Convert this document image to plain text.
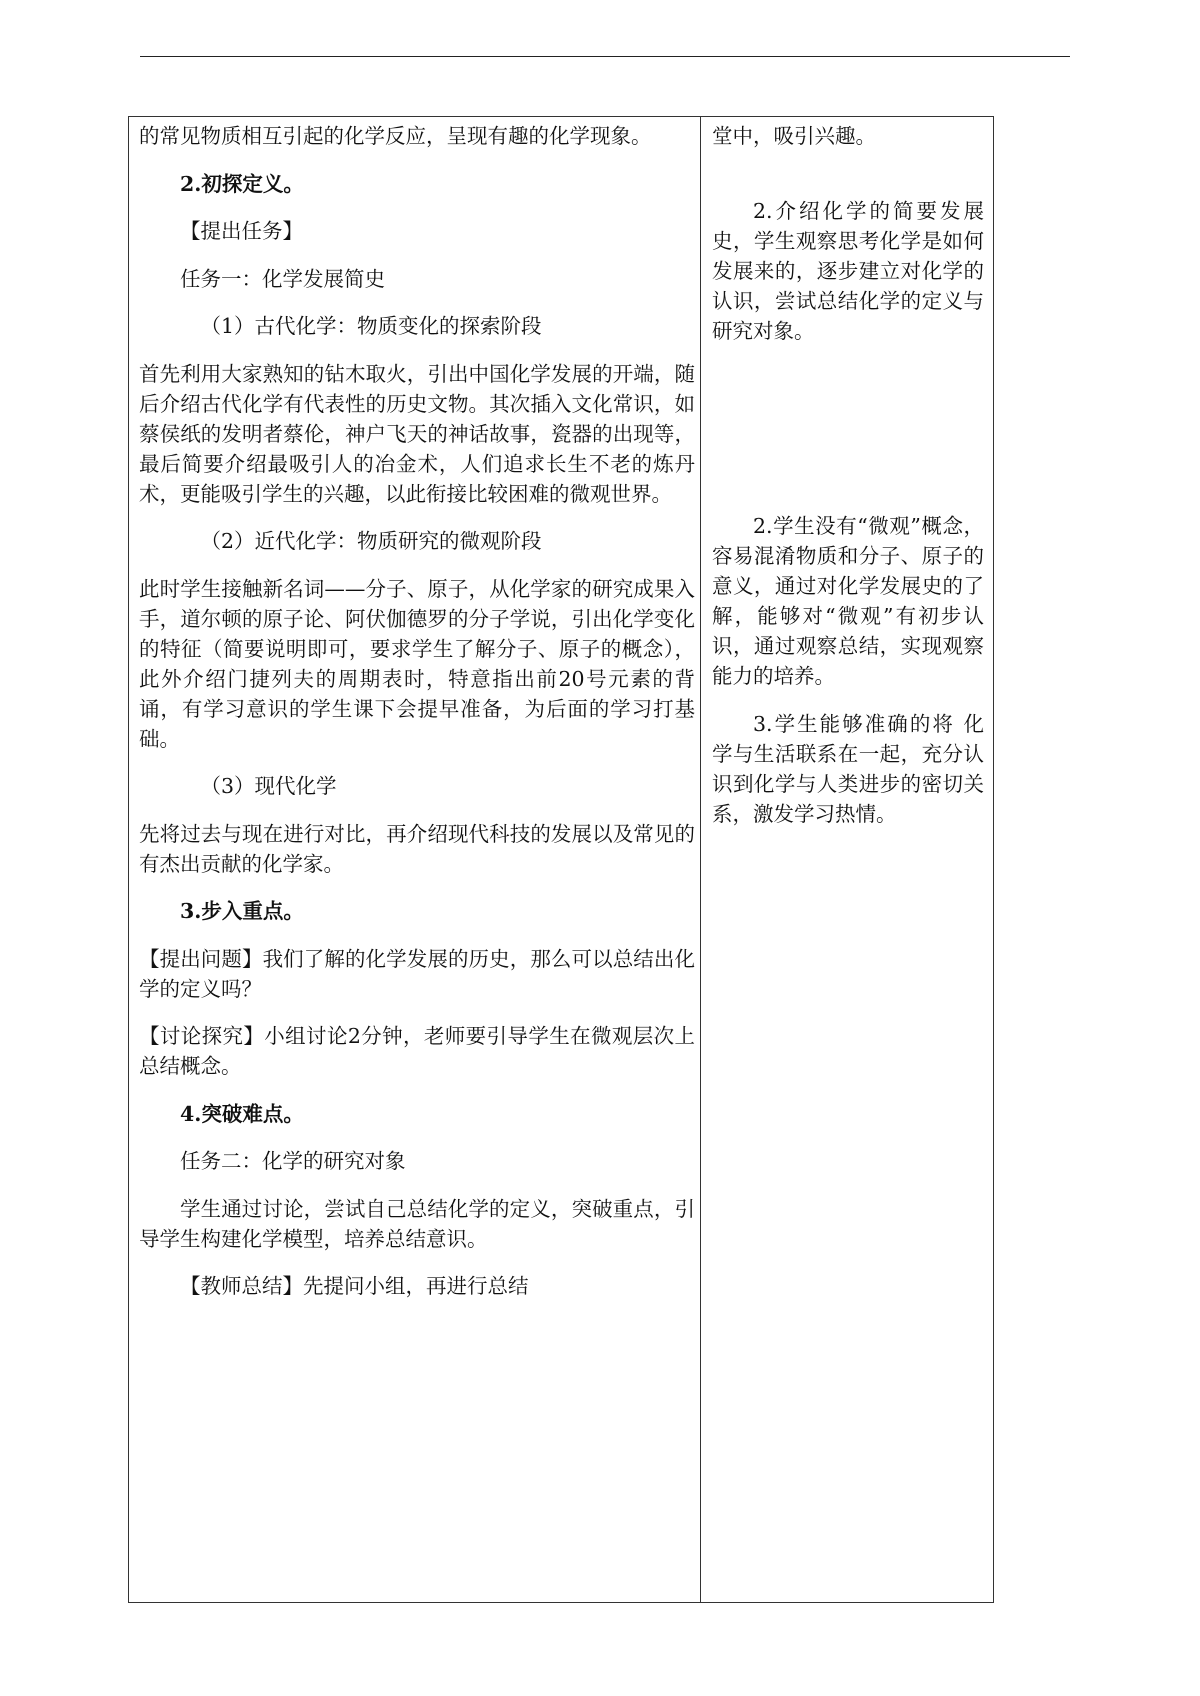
的常见物质相互引起的化学反应，呈现有趣的化学现象。

2.初探定义。

【提出任务】

任务一：化学发展简史

（1）古代化学：物质变化的探索阶段

首先利用大家熟知的钻木取火，引出中国化学发展的开端，随后介绍古代化学有代表性的历史文物。其次插入文化常识，如蔡侯纸的发明者蔡伦，神户飞天的神话故事，瓷器的出现等，最后简要介绍最吸引人的冶金术，人们追求长生不老的炼丹术，更能吸引学生的兴趣，以此衔接比较困难的微观世界。

（2）近代化学：物质研究的微观阶段

此时学生接触新名词——分子、原子，从化学家的研究成果入手，道尔顿的原子论、阿伏伽德罗的分子学说，引出化学变化的特征（简要说明即可，要求学生了解分子、原子的概念），此外介绍门捷列夫的周期表时，特意指出前20号元素的背诵，有学习意识的学生课下会提早准备，为后面的学习打基础。

（3）现代化学

先将过去与现在进行对比，再介绍现代科技的发展以及常见的有杰出贡献的化学家。

3.步入重点。

【提出问题】我们了解的化学发展的历史，那么可以总结出化学的定义吗？

【讨论探究】小组讨论2分钟，老师要引导学生在微观层次上总结概念。

4.突破难点。

任务二：化学的研究对象

学生通过讨论，尝试自己总结化学的定义，突破重点，引导学生构建化学模型，培养总结意识。

【教师总结】先提问小组，再进行总结

堂中，吸引兴趣。

2.介绍化学的简要发展史，学生观察思考化学是如何发展来的，逐步建立对化学的认识，尝试总结化学的定义与研究对象。

2.学生没有“微观”概念，容易混淆物质和分子、原子的意义，通过对化学发展史的了解，能够对“微观”有初步认识，通过观察总结，实现观察能力的培养。

3.学生能够准确的将 化学与生活联系在一起，充分认识到化学与人类进步的密切关系，激发学习热情。
